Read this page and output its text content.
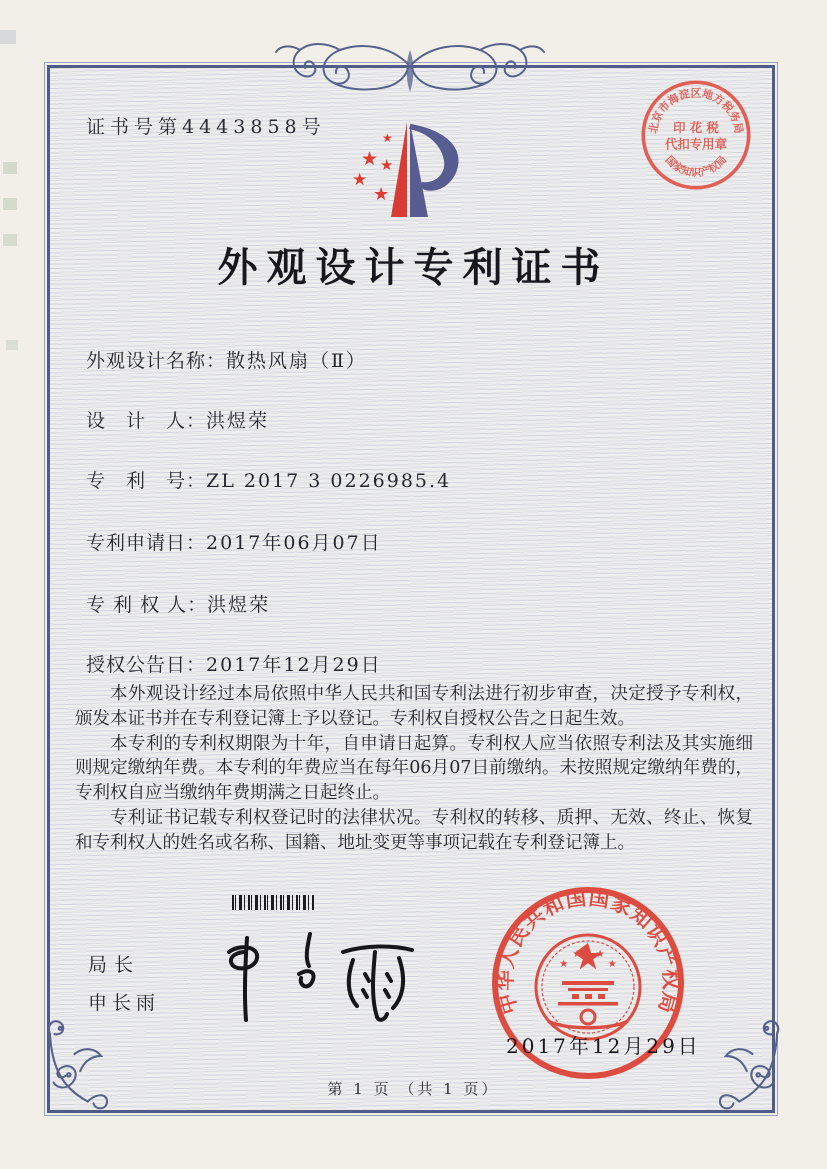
证书号第4443858号	★
★ ★
★
★
外观设计专利证书
外观设计名称：散热风扇（Ⅱ）
设　计　人：洪煜荣
专　利　号：ZL 2017 3 0226985.4
专利申请日：2017年06月07日
专 利 权 人：洪煜荣
授权公告日：2017年12月29日

本外观设计经过本局依照中华人民共和国专利法进行初步审查，决定授予专利权，颁发本证书并在专利登记簿上予以登记。专利权自授权公告之日起生效。

本专利的专利权期限为十年，自申请日起算。专利权人应当依照专利法及其实施细则规定缴纳年费。本专利的年费应当在每年06月07日前缴纳。未按照规定缴纳年费的，专利权自应当缴纳年费期满之日起终止。

专利证书记载专利权登记时的法律状况。专利权的转移、质押、无效、终止、恢复和专利权人的姓名或名称、国籍、地址变更等事项记载在专利登记簿上。

局长
申长雨	中华人民共和国国家知识产权局
2017年12月29日
北京市海淀区地方税务局
国家知识产权局
印 花 税
代扣专用章
第 1 页 （共 1 页）
